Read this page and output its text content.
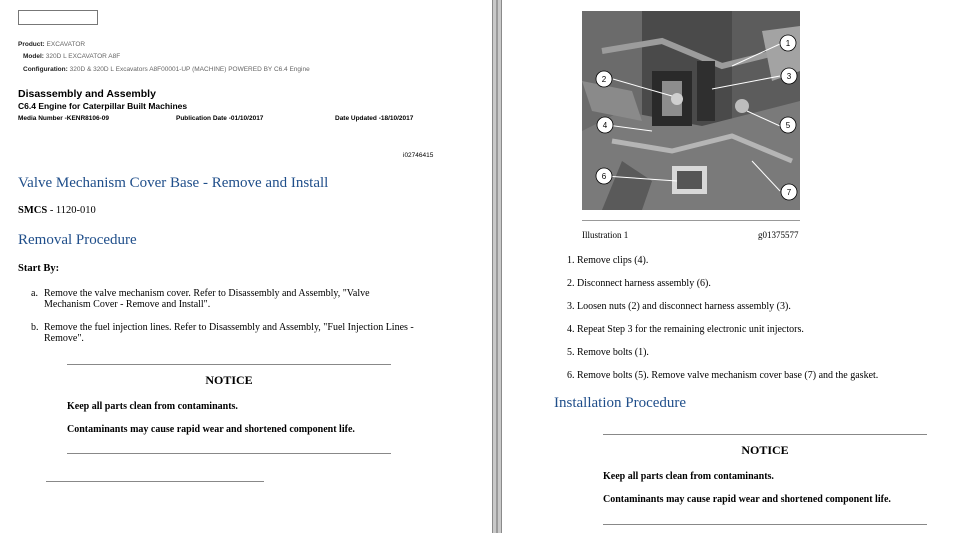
Product: EXCAVATOR
Model: 320D L EXCAVATOR A8F
Configuration: 320D & 320D L Excavators A8F00001-UP (MACHINE) POWERED BY C6.4 Engine
Disassembly and Assembly
C6.4 Engine for Caterpillar Built Machines
Media Number -KENR8106-09	Publication Date -01/10/2017	Date Updated -18/10/2017
i02746415
Valve Mechanism Cover Base - Remove and Install
SMCS - 1120-010
Removal Procedure
Start By:
a. Remove the valve mechanism cover. Refer to Disassembly and Assembly, "Valve Mechanism Cover - Remove and Install".
b. Remove the fuel injection lines. Refer to Disassembly and Assembly, "Fuel Injection Lines - Remove".
NOTICE
Keep all parts clean from contaminants.
Contaminants may cause rapid wear and shortened component life.
1
2	3
4	5
6
7
Illustration 1	g01375577
1. Remove clips (4).
2. Disconnect harness assembly (6).
3. Loosen nuts (2) and disconnect harness assembly (3).
4. Repeat Step 3 for the remaining electronic unit injectors.
5. Remove bolts (1).
6. Remove bolts (5). Remove valve mechanism cover base (7) and the gasket.
Installation Procedure
NOTICE
Keep all parts clean from contaminants.
Contaminants may cause rapid wear and shortened component life.
